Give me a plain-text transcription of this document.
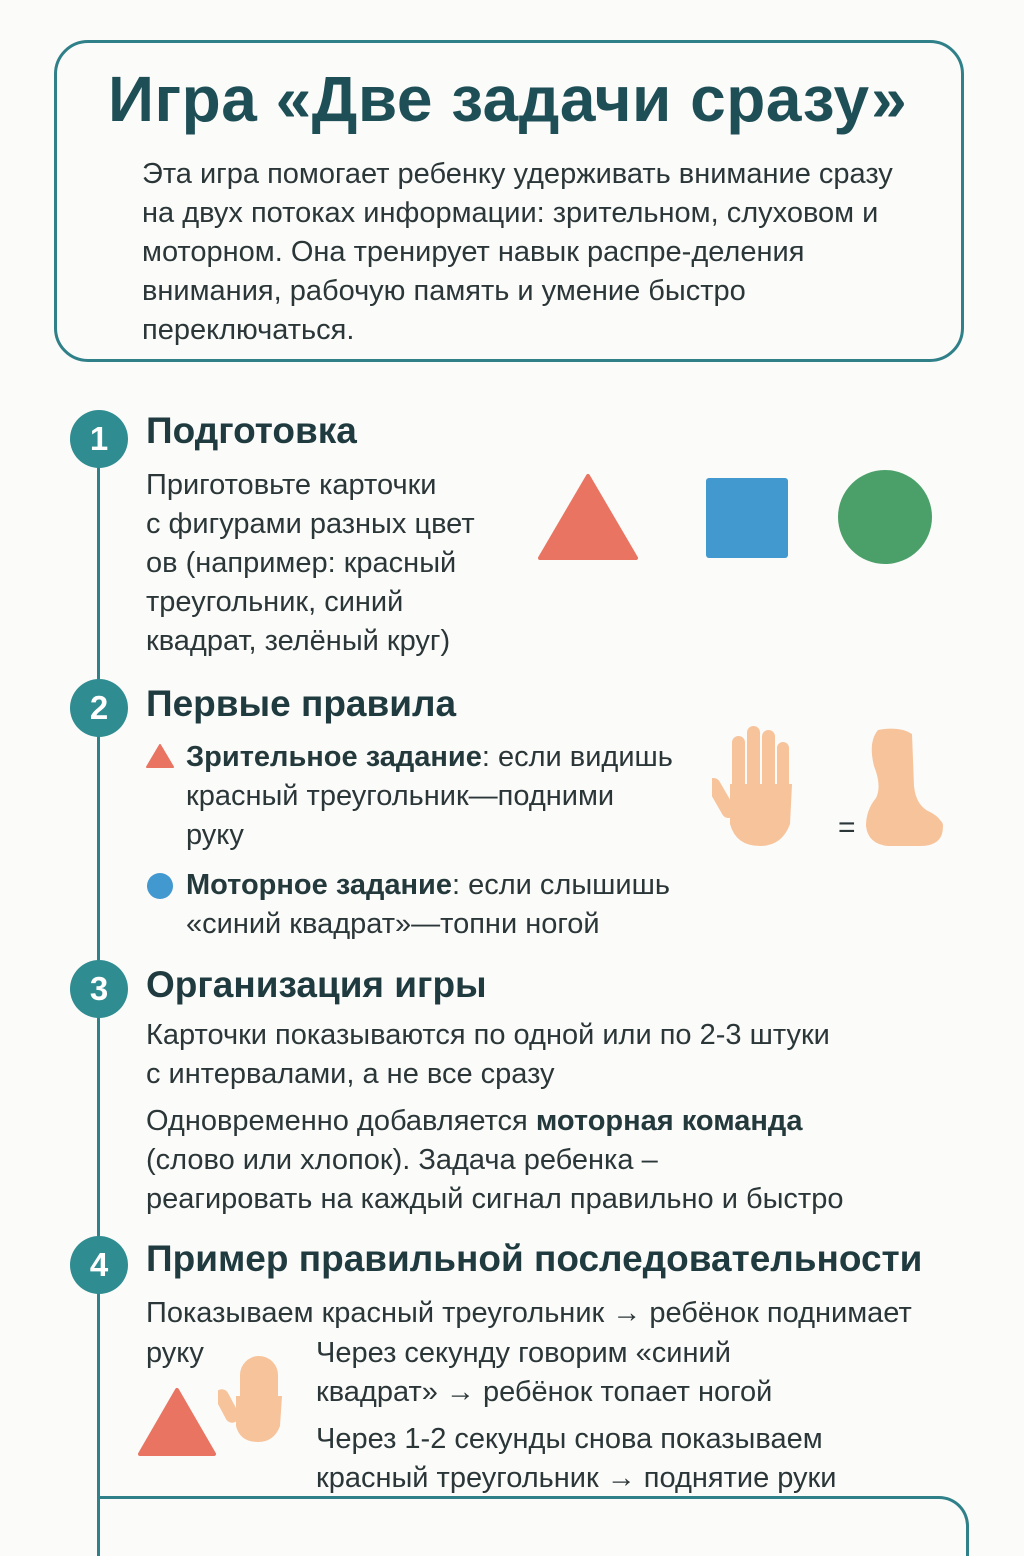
Игра «Две задачи сразу»
Эта игра помогает ребенку удерживать внимание сразу на двух потоках информации: зрительном, слуховом и моторном. Она тренирует навык распре-деления внимания, рабочую память и умение быстро переключаться.
1	Подготовка
Приготовьте карточки
с фигурами разных цвет
ов (например: красный
треугольник, синий
квадрат, зелёный круг)
2	Первые правила
Зрительное задание: если видишь
красный треугольник—подними
руку
Моторное задание: если слышишь
«синий квадрат»—топни ногой
=
3	Организация игры
Карточки показываются по одной или по 2-3 штуки
с интервалами, а не все сразу
Одновременно добавляется моторная команда
(слово или хлопок). Задача ребенка –
реагировать на каждый сигнал правильно и быстро
4	Пример правильной последовательности
Показываем красный треугольник → ребёнок поднимает
руку	Через секунду говорим «синий
квадрат» → ребёнок топает ногой
Через 1-2 секунды снова показываем
красный треугольник → поднятие руки
